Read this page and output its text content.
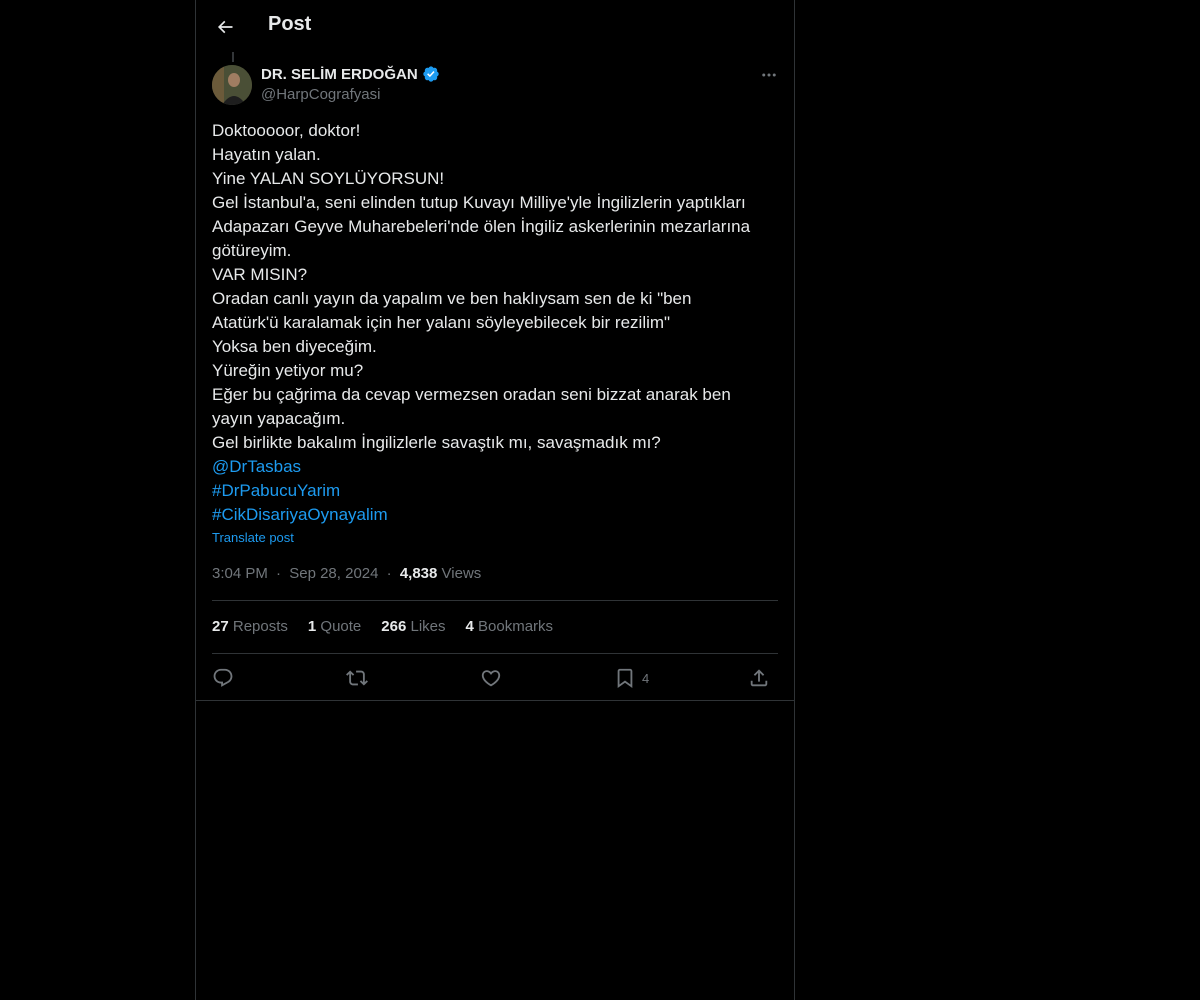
Post
DR. SELİM ERDOĞAN
@HarpCografyasi
Doktooooor, doktor!
Hayatın yalan.
Yine YALAN SOYLÜYORSUN!
Gel İstanbul'a, seni elinden tutup Kuvayı Milliye'yle İngilizlerin yaptıkları
Adapazarı Geyve Muharebeleri'nde ölen İngiliz askerlerinin mezarlarına
götüreyim.
VAR MISIN?
Oradan canlı yayın da yapalım ve ben haklıysam sen de ki "ben
Atatürk'ü karalamak için her yalanı söyleyebilecek bir rezilim"
Yoksa ben diyeceğim.
Yüreğin yetiyor mu?
Eğer bu çağrima da cevap vermezsen oradan seni bizzat anarak ben
yayın yapacağım.
Gel birlikte bakalım İngilizlerle savaştık mı, savaşmadık mı?
@DrTasbas
#DrPabucuYarim
#CikDisariyaOynayalim
Translate post
3:04 PM · Sep 28, 2024 · 4,838 Views
27 Reposts 1 Quote 266 Likes 4 Bookmarks
4
